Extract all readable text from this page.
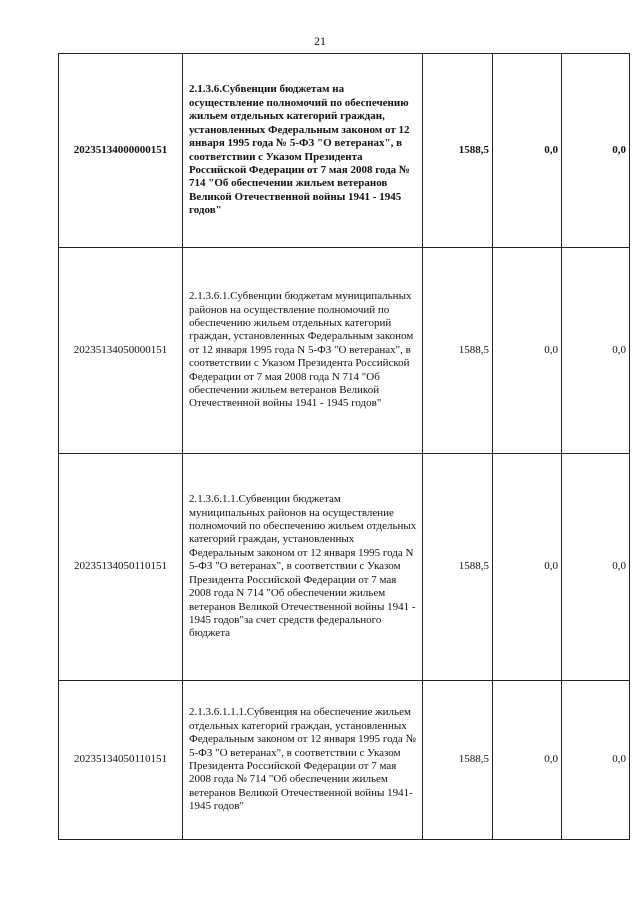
21
20235134000000151	2.1.3.6.Субвенции бюджетам на осуществление полномочий по обеспечению жильем отдельных категорий граждан, установленных Федеральным законом от 12 января 1995 года № 5-ФЗ "О ветеранах", в соответствии с Указом Президента Российской Федерации от 7 мая 2008 года № 714 "Об обеспечении жильем ветеранов Великой Отечественной войны 1941 - 1945 годов"	1588,5	0,0	0,0
20235134050000151	2.1.3.6.1.Субвенции бюджетам муниципальных районов на осуществление полномочий по обеспечению жильем отдельных категорий граждан, установленных Федеральным законом от 12 января 1995 года N 5-ФЗ "О ветеранах", в соответствии с Указом Президента Российской Федерации от 7 мая 2008 года N 714 "Об обеспечении жильем ветеранов Великой Отечественной войны 1941 - 1945 годов"	1588,5	0,0	0,0
20235134050110151	2.1.3.6.1.1.Субвенции бюджетам муниципальных районов на осуществление полномочий по обеспечению жильем отдельных категорий граждан, установленных Федеральным законом от 12 января 1995 года N 5-ФЗ "О ветеранах", в соответствии с Указом Президента Российской Федерации от 7 мая 2008 года N 714 "Об обеспечении жильем ветеранов Великой Отечественной войны 1941 - 1945 годов"за счет средств федерального бюджета	1588,5	0,0	0,0
20235134050110151	2.1.3.6.1.1.1.Субвенция на обеспечение жильем отдельных категорий граждан, установленных Федеральным законом от 12 января 1995 года № 5-ФЗ "О ветеранах", в соответствии с Указом Президента Российской Федерации от 7 мая 2008 года № 714 "Об обеспечении жильем ветеранов Великой Отечественной войны 1941-1945 годов"	1588,5	0,0	0,0
